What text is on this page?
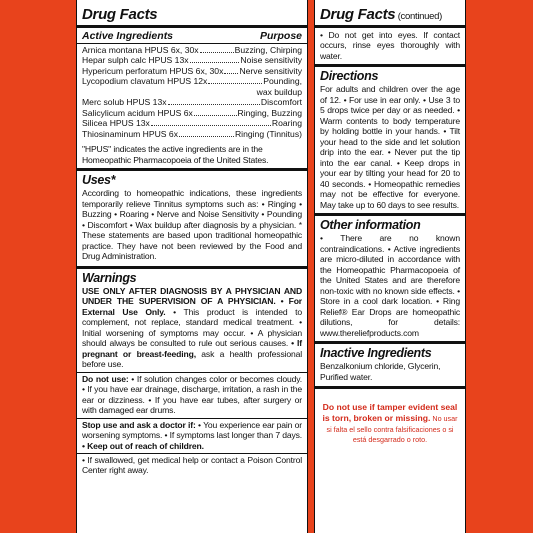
Drug Facts
Active Ingredients	Purpose
Arnica montana HPUS 6x, 30x	Buzzing, Chirping
Hepar sulph calc HPUS 13x	Noise sensitivity
Hypericum perforatum HPUS 6x, 30x Nerve sensitivity
Lycopodium clavatum HPUS 12x	Pounding,
wax buildup
Merc solub HPUS 13x	Discomfort
Salicylicum acidum HPUS 6x	Ringing, Buzzing
Silicea HPUS 13x	Roaring
Thiosinaminum HPUS 6x	Ringing (Tinnitus)
"HPUS" indicates the active ingredients are in the Homeopathic Pharmacopoeia of the United States.
Uses*
According to homeopathic indications, these ingredients temporarily relieve Tinnitus symptoms such as: • Ringing • Buzzing • Roaring • Nerve and Noise Sensitivity • Pounding • Discomfort • Wax buildup after diagnosis by a physician. * These statements are based upon traditional homeopathic practice. They have not been reviewed by the Food and Drug Administration.
Warnings
USE ONLY AFTER DIAGNOSIS BY A PHYSICIAN AND UNDER THE SUPERVISION OF A PHYSICIAN. • For External Use Only. • This product is intended to complement, not replace, standard medical treatment. • Initial worsening of symptoms may occur. • A physician should always be consulted to rule out serious causes. • If pregnant or breast-feeding, ask a health professional before use.
Do not use: • If solution changes color or becomes cloudy. • If you have ear drainage, discharge, irritation, a rash in the ear or dizziness. • If you have ear tubes, after surgery or with damaged ear drums.
Stop use and ask a doctor if: • You experience ear pain or worsening symptoms. • If symptoms last longer than 7 days. • Keep out of reach of children.
• If swallowed, get medical help or contact a Poison Control Center right away.
Drug Facts (continued)
• Do not get into eyes. If contact occurs, rinse eyes thoroughly with water.
Directions
For adults and children over the age of 12. • For use in ear only. • Use 3 to 5 drops twice per day or as needed. • Warm contents to body temperature by holding bottle in your hands. • Tilt your head to the side and let solution drip into the ear. • Never put the tip into the ear canal. • Keep drops in your ear by tilting your head for 20 to 40 seconds. • Homeopathic remedies may not be effective for everyone. May take up to 60 days to see results.
Other information
• There are no known contraindications. • Active ingredients are micro-diluted in accordance with the Homeopathic Pharmacopoeia of the United States and are therefore non-toxic with no known side effects. • Store in a cool dark location. • Ring Relief® Ear Drops are homeopathic dilutions, for details: www.thereliefproducts.com
Inactive Ingredients
Benzalkonium chloride, Glycerin, Purified water.
Do not use if tamper evident seal is torn, broken or missing. No usar si falta el sello contra falsificaciones o si está desgarrado o roto.
